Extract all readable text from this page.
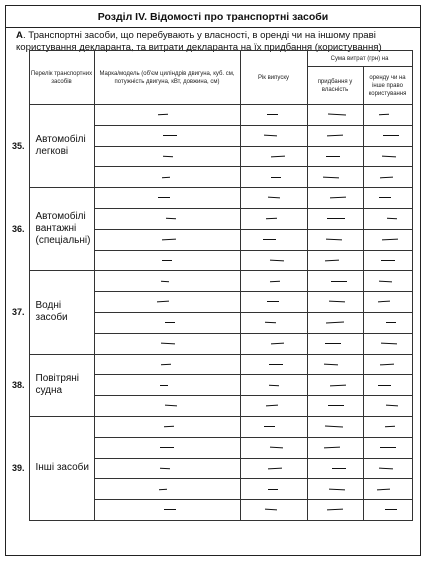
Розділ IV. Відомості про транспортні засоби
А. Транспортні засоби, що перебувають у власності, в оренді чи на іншому праві користування декларанта, та витрати декларанта на їх придбання (користування)
	Перелік транспортних засобів	Марка/модель (об'єм циліндрів двигуна, куб. см, потужність двигуна, кВт, довжина, см)	Рік випуску	Сума витрат (грн) на	
				придбання у власність	оренду чи на інше право користування
35.	Автомобілі легкові				

36.	Автомобілі вантажні (спеціальні)				

37.	Водні засоби				

38.	Повітряні судна				

39.	Інші засоби				
